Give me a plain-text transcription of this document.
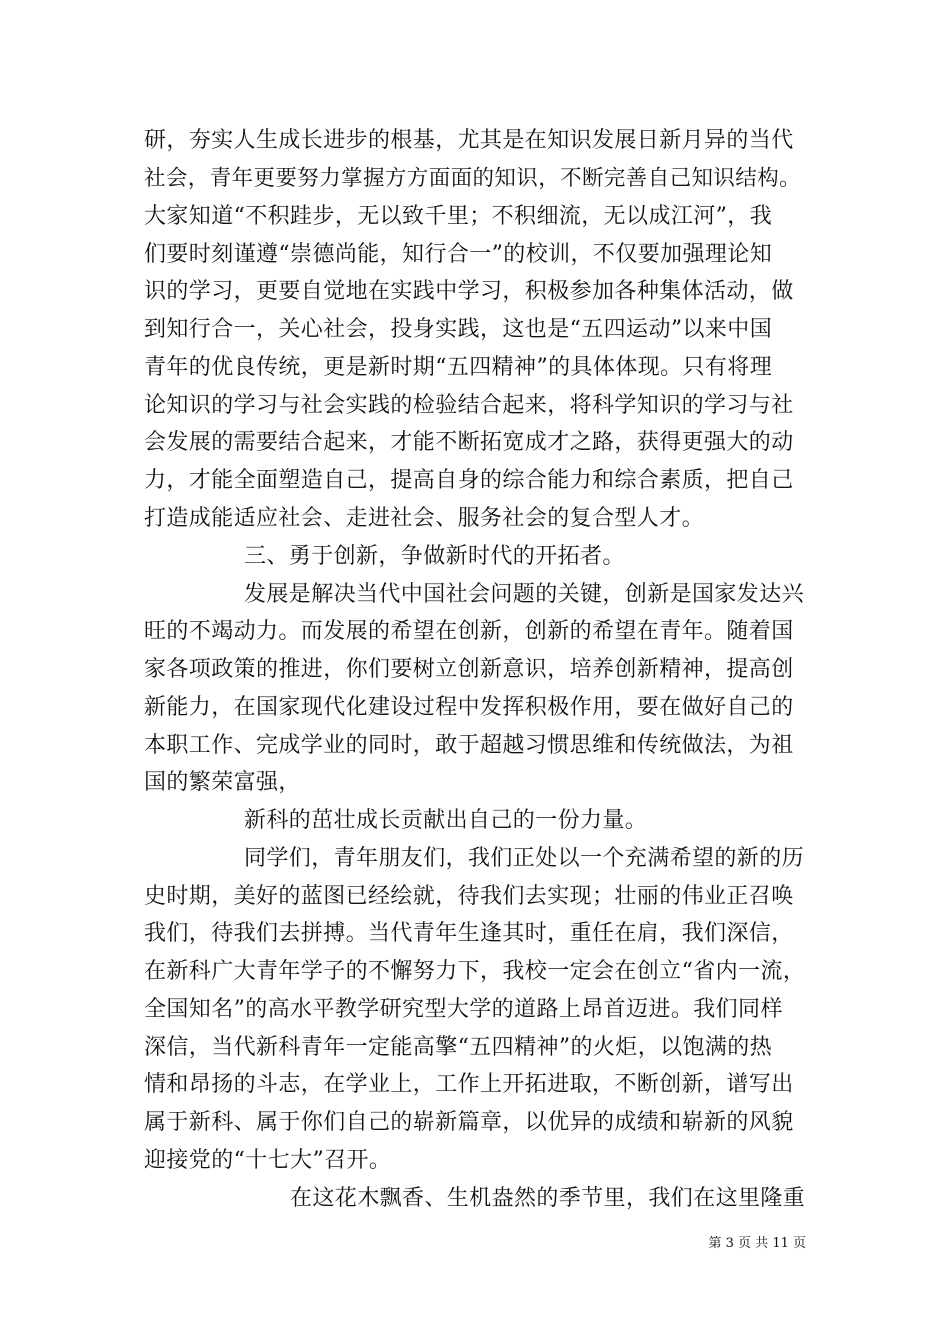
研，夯实人生成长进步的根基，尤其是在知识发展日新月异的当代
社会，青年更要努力掌握方方面面的知识，不断完善自己知识结构。
大家知道“不积跬步，无以致千里；不积细流，无以成江河”，我
们要时刻谨遵“崇德尚能，知行合一”的校训，不仅要加强理论知
识的学习，更要自觉地在实践中学习，积极参加各种集体活动，做
到知行合一，关心社会，投身实践，这也是“五四运动”以来中国
青年的优良传统，更是新时期“五四精神”的具体体现。只有将理
论知识的学习与社会实践的检验结合起来，将科学知识的学习与社
会发展的需要结合起来，才能不断拓宽成才之路，获得更强大的动
力，才能全面塑造自己，提高自身的综合能力和综合素质，把自己
打造成能适应社会、走进社会、服务社会的复合型人才。
三、勇于创新，争做新时代的开拓者。
发展是解决当代中国社会问题的关键，创新是国家发达兴
旺的不竭动力。而发展的希望在创新，创新的希望在青年。随着国
家各项政策的推进，你们要树立创新意识，培养创新精神，提高创
新能力，在国家现代化建设过程中发挥积极作用，要在做好自己的
本职工作、完成学业的同时，敢于超越习惯思维和传统做法，为祖
国的繁荣富强，
新科的茁壮成长贡献出自己的一份力量。
同学们，青年朋友们，我们正处以一个充满希望的新的历
史时期，美好的蓝图已经绘就，待我们去实现；壮丽的伟业正召唤
我们，待我们去拼搏。当代青年生逢其时，重任在肩，我们深信，
在新科广大青年学子的不懈努力下，我校一定会在创立“省内一流，
全国知名”的高水平教学研究型大学的道路上昂首迈进。我们同样
深信，当代新科青年一定能高擎“五四精神”的火炬，以饱满的热
情和昂扬的斗志，在学业上，工作上开拓进取，不断创新，谱写出
属于新科、属于你们自己的崭新篇章，以优异的成绩和崭新的风貌
迎接党的“十七大”召开。
在这花木飘香、生机盎然的季节里，我们在这里隆重
第 3 页 共 11 页
